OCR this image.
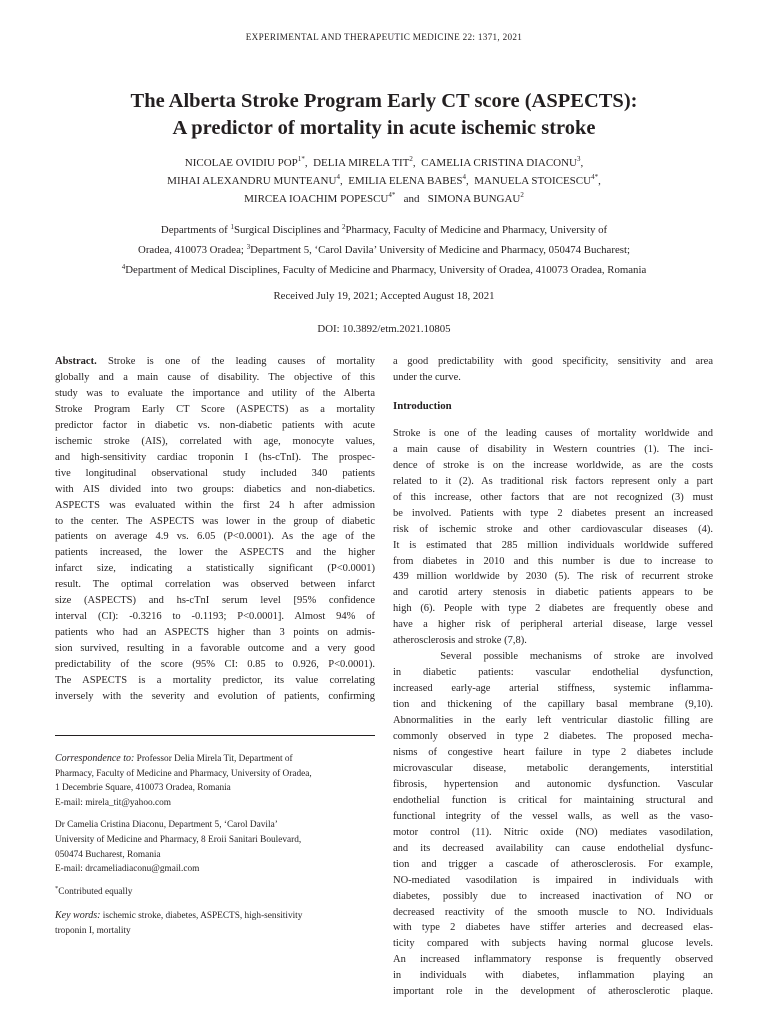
EXPERIMENTAL AND THERAPEUTIC MEDICINE 22: 1371, 2021
The Alberta Stroke Program Early CT score (ASPECTS):
A predictor of mortality in acute ischemic stroke
NICOLAE OVIDIU $POP^{1*}$,  DELIA MIRELA TIT$^2$,  CAMELIA CRISTINA DIACONU$^3$,
MIHAI ALEXANDRU MUNTEANU$^4$,  EMILIA ELENA BABES$^4$,  MANUELA $STOICESCU^{4*}$,
MIRCEA IOACHIM $POPESCU^{4*}$ and SIMONA BUNGAU$^2$
Departments of $^1$Surgical Disciplines and $^2$Pharmacy, Faculty of Medicine and Pharmacy, University of
Oradea, 410073 Oradea; $^3$Department 5, ‘Carol Davila’ University of Medicine and Pharmacy, 050474 Bucharest;
$^4$Department of Medical Disciplines, Faculty of Medicine and Pharmacy, University of Oradea, 410073 Oradea, Romania
Received July 19, 2021; Accepted August 18, 2021
DOI: 10.3892/etm.2021.10805

Abstract. Stroke is one of the leading causes of mortality
globally and a main cause of disability. The objective of this
study was to evaluate the importance and utility of the Alberta
Stroke Program Early CT Score (ASPECTS) as a mortality
predictor factor in diabetic vs. non-diabetic patients with acute
ischemic stroke (AIS), correlated with age, monocyte values,
and high-sensitivity cardiac troponin I (hs-cTnI). The prospec-
tive longitudinal observational study included 340 patients
with AIS divided into two groups: diabetics and non-diabetics.
ASPECTS was evaluated within the first 24 h after admission
to the center. The ASPECTS was lower in the group of diabetic
patients on average 4.9 vs. 6.05 (P<0.0001). As the age of the
patients increased, the lower the ASPECTS and the higher
infarct size, indicating a statistically significant (P<0.0001)
result. The optimal correlation was observed between infarct
size (ASPECTS) and hs-cTnI serum level [95% confidence
interval (CI): -0.3216 to -0.1193; P<0.0001]. Almost 94% of
patients who had an ASPECTS higher than 3 points on admis-
sion survived, resulting in a favorable outcome and a very good
predictability of the score (95% CI: 0.85 to 0.926, P<0.0001).
The ASPECTS is a mortality predictor, its value correlating
inversely with the severity and evolution of patients, confirming

Correspondence to: Professor Delia Mirela Tit, Department of
Pharmacy, Faculty of Medicine and Pharmacy, University of Oradea,
1 Decembrie Square, 410073 Oradea, Romania
E-mail: mirela_tit@yahoo.com
Dr Camelia Cristina Diaconu, Department 5, ‘Carol Davila’
University of Medicine and Pharmacy, 8 Eroii Sanitari Boulevard,
050474 Bucharest, Romania
E-mail: drcameliadiaconu@gmail.com
*Contributed equally
Key words: ischemic stroke, diabetes, ASPECTS, high-sensitivity
troponin I, mortality

a good predictability with good specificity, sensitivity and area
under the curve.

Introduction

Stroke is one of the leading causes of mortality worldwide and
a main cause of disability in Western countries (1). The inci-
dence of stroke is on the increase worldwide, as are the costs
related to it (2). As traditional risk factors represent only a part
of this increase, other factors that are not recognized (3) must
be involved. Patients with type 2 diabetes present an increased
risk of ischemic stroke and other cardiovascular diseases (4).
It is estimated that 285 million individuals worldwide suffered
from diabetes in 2010 and this number is due to increase to
439 million worldwide by 2030 (5). The risk of recurrent stroke
and carotid artery stenosis in diabetic patients appears to be
high (6). People with type 2 diabetes are frequently obese and
have a higher risk of peripheral arterial disease, large vessel
atherosclerosis and stroke (7,8).

Several possible mechanisms of stroke are involved
in diabetic patients: vascular endothelial dysfunction,
increased early-age arterial stiffness, systemic inflamma-
tion and thickening of the capillary basal membrane (9,10).
Abnormalities in the early left ventricular diastolic filling are
commonly observed in type 2 diabetes. The proposed mecha-
nisms of congestive heart failure in type 2 diabetes include
microvascular disease, metabolic derangements, interstitial
fibrosis, hypertension and autonomic dysfunction. Vascular
endothelial function is critical for maintaining structural and
functional integrity of the vessel walls, as well as the vaso-
motor control (11). Nitric oxide (NO) mediates vasodilation,
and its decreased availability can cause endothelial dysfunc-
tion and trigger a cascade of atherosclerosis. For example,
NO-mediated vasodilation is impaired in individuals with
diabetes, possibly due to increased inactivation of NO or
decreased reactivity of the smooth muscle to NO. Individuals
with type 2 diabetes have stiffer arteries and decreased elas-
ticity compared with subjects having normal glucose levels.
An increased inflammatory response is frequently observed
in individuals with diabetes, inflammation playing an
important role in the development of atherosclerotic plaque.
